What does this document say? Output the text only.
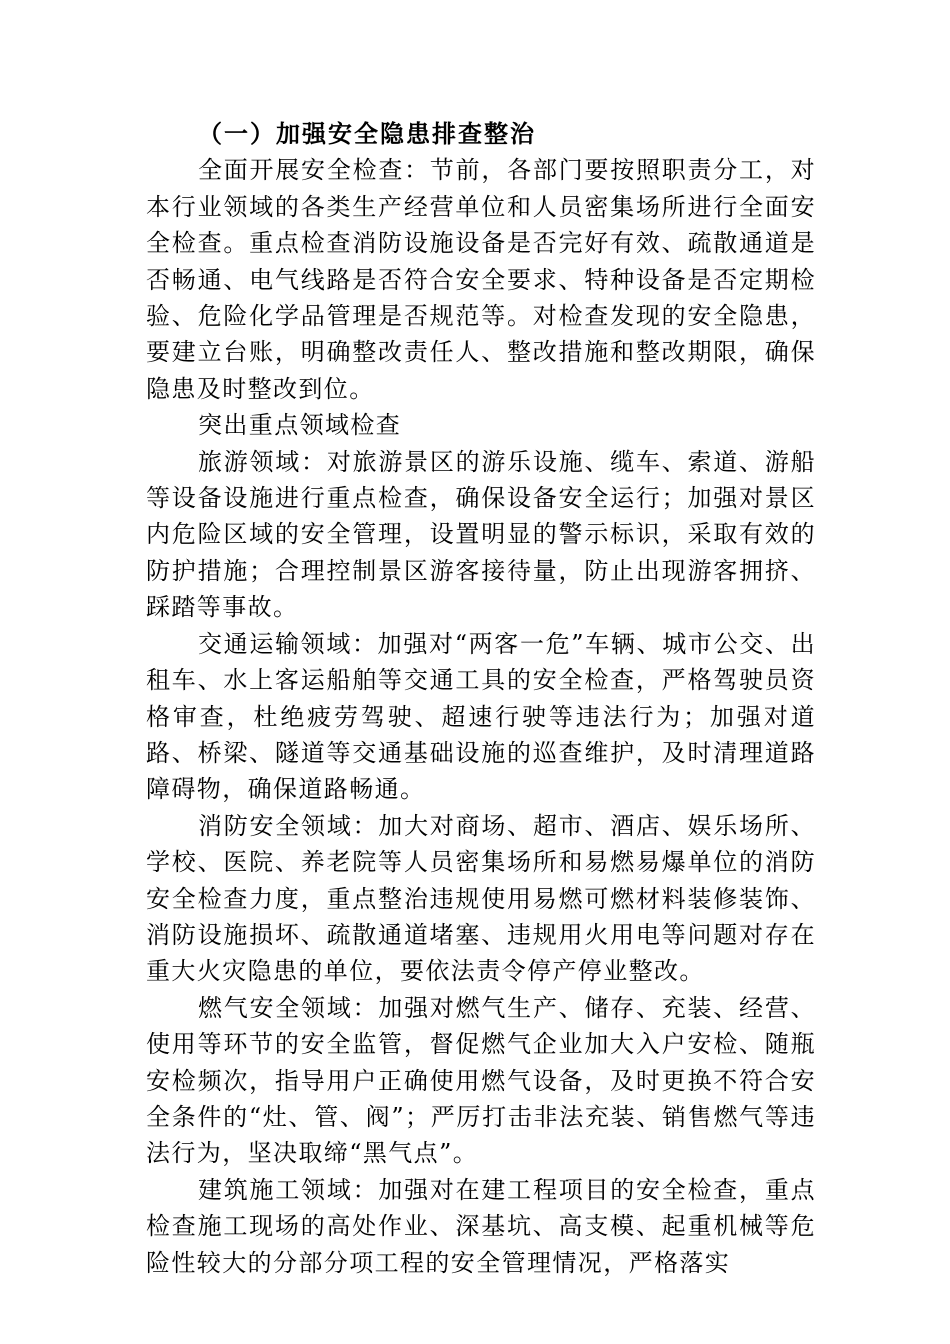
（一）加强安全隐患排查整治

全面开展安全检查：节前，各部门要按照职责分工，对本行业领域的各类生产经营单位和人员密集场所进行全面安全检查。重点检查消防设施设备是否完好有效、疏散通道是否畅通、电气线路是否符合安全要求、特种设备是否定期检验、危险化学品管理是否规范等。对检查发现的安全隐患，要建立台账，明确整改责任人、整改措施和整改期限，确保隐患及时整改到位。

突出重点领域检查

旅游领域：对旅游景区的游乐设施、缆车、索道、游船等设备设施进行重点检查，确保设备安全运行；加强对景区内危险区域的安全管理，设置明显的警示标识，采取有效的防护措施；合理控制景区游客接待量，防止出现游客拥挤、踩踏等事故。

交通运输领域：加强对“两客一危”车辆、城市公交、出租车、水上客运船舶等交通工具的安全检查，严格驾驶员资格审查，杜绝疲劳驾驶、超速行驶等违法行为；加强对道路、桥梁、隧道等交通基础设施的巡查维护，及时清理道路障碍物，确保道路畅通。

消防安全领域：加大对商场、超市、酒店、娱乐场所、学校、医院、养老院等人员密集场所和易燃易爆单位的消防安全检查力度，重点整治违规使用易燃可燃材料装修装饰、消防设施损坏、疏散通道堵塞、违规用火用电等问题对存在重大火灾隐患的单位，要依法责令停产停业整改。

燃气安全领域：加强对燃气生产、储存、充装、经营、使用等环节的安全监管，督促燃气企业加大入户安检、随瓶安检频次，指导用户正确使用燃气设备，及时更换不符合安全条件的“灶、管、阀”；严厉打击非法充装、销售燃气等违法行为，坚决取缔“黑气点”。

建筑施工领域：加强对在建工程项目的安全检查，重点检查施工现场的高处作业、深基坑、高支模、起重机械等危险性较大的分部分项工程的安全管理情况，严格落实
